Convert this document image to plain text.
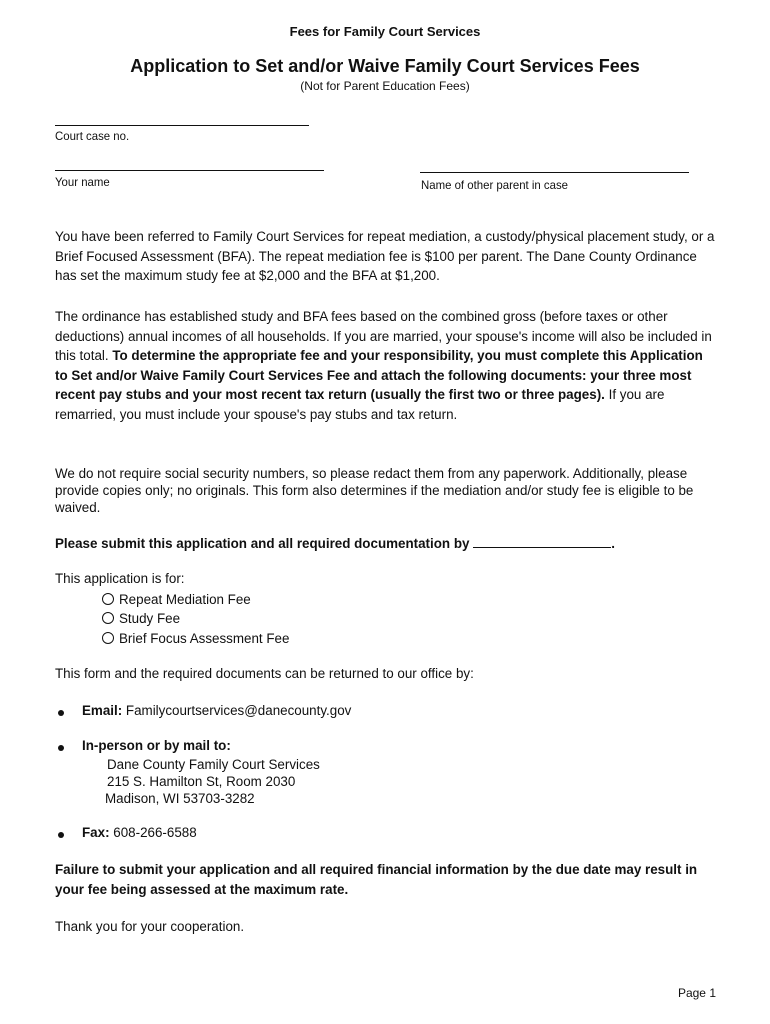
Fees for Family Court Services
Application to Set and/or Waive Family Court Services Fees
(Not for Parent Education Fees)
Court case no.
Your name	Name of other parent in case
You have been referred to Family Court Services for repeat mediation, a custody/physical placement study, or a Brief Focused Assessment (BFA). The repeat mediation fee is $100 per parent. The Dane County Ordinance has set the maximum study fee at $2,000 and the BFA at $1,200.
The ordinance has established study and BFA fees based on the combined gross (before taxes or other deductions) annual incomes of all households. If you are married, your spouse's income will also be included in this total. To determine the appropriate fee and your responsibility, you must complete this Application to Set and/or Waive Family Court Services Fee and attach the following documents: your three most recent pay stubs and your most recent tax return (usually the first two or three pages). If you are remarried, you must include your spouse's pay stubs and tax return.
We do not require social security numbers, so please redact them from any paperwork. Additionally, please provide copies only; no originals. This form also determines if the mediation and/or study fee is eligible to be waived.
Please submit this application and all required documentation by	.
This application is for:
Repeat Mediation Fee
Study Fee
Brief Focus Assessment Fee
This form and the required documents can be returned to our office by:
Email: Familycourtservices@danecounty.gov
In-person or by mail to:
Dane County Family Court Services
215 S. Hamilton St, Room 2030
Madison, WI 53703-3282
Fax: 608-266-6588
Failure to submit your application and all required financial information by the due date may result in your fee being assessed at the maximum rate.
Thank you for your cooperation.
Page 1
